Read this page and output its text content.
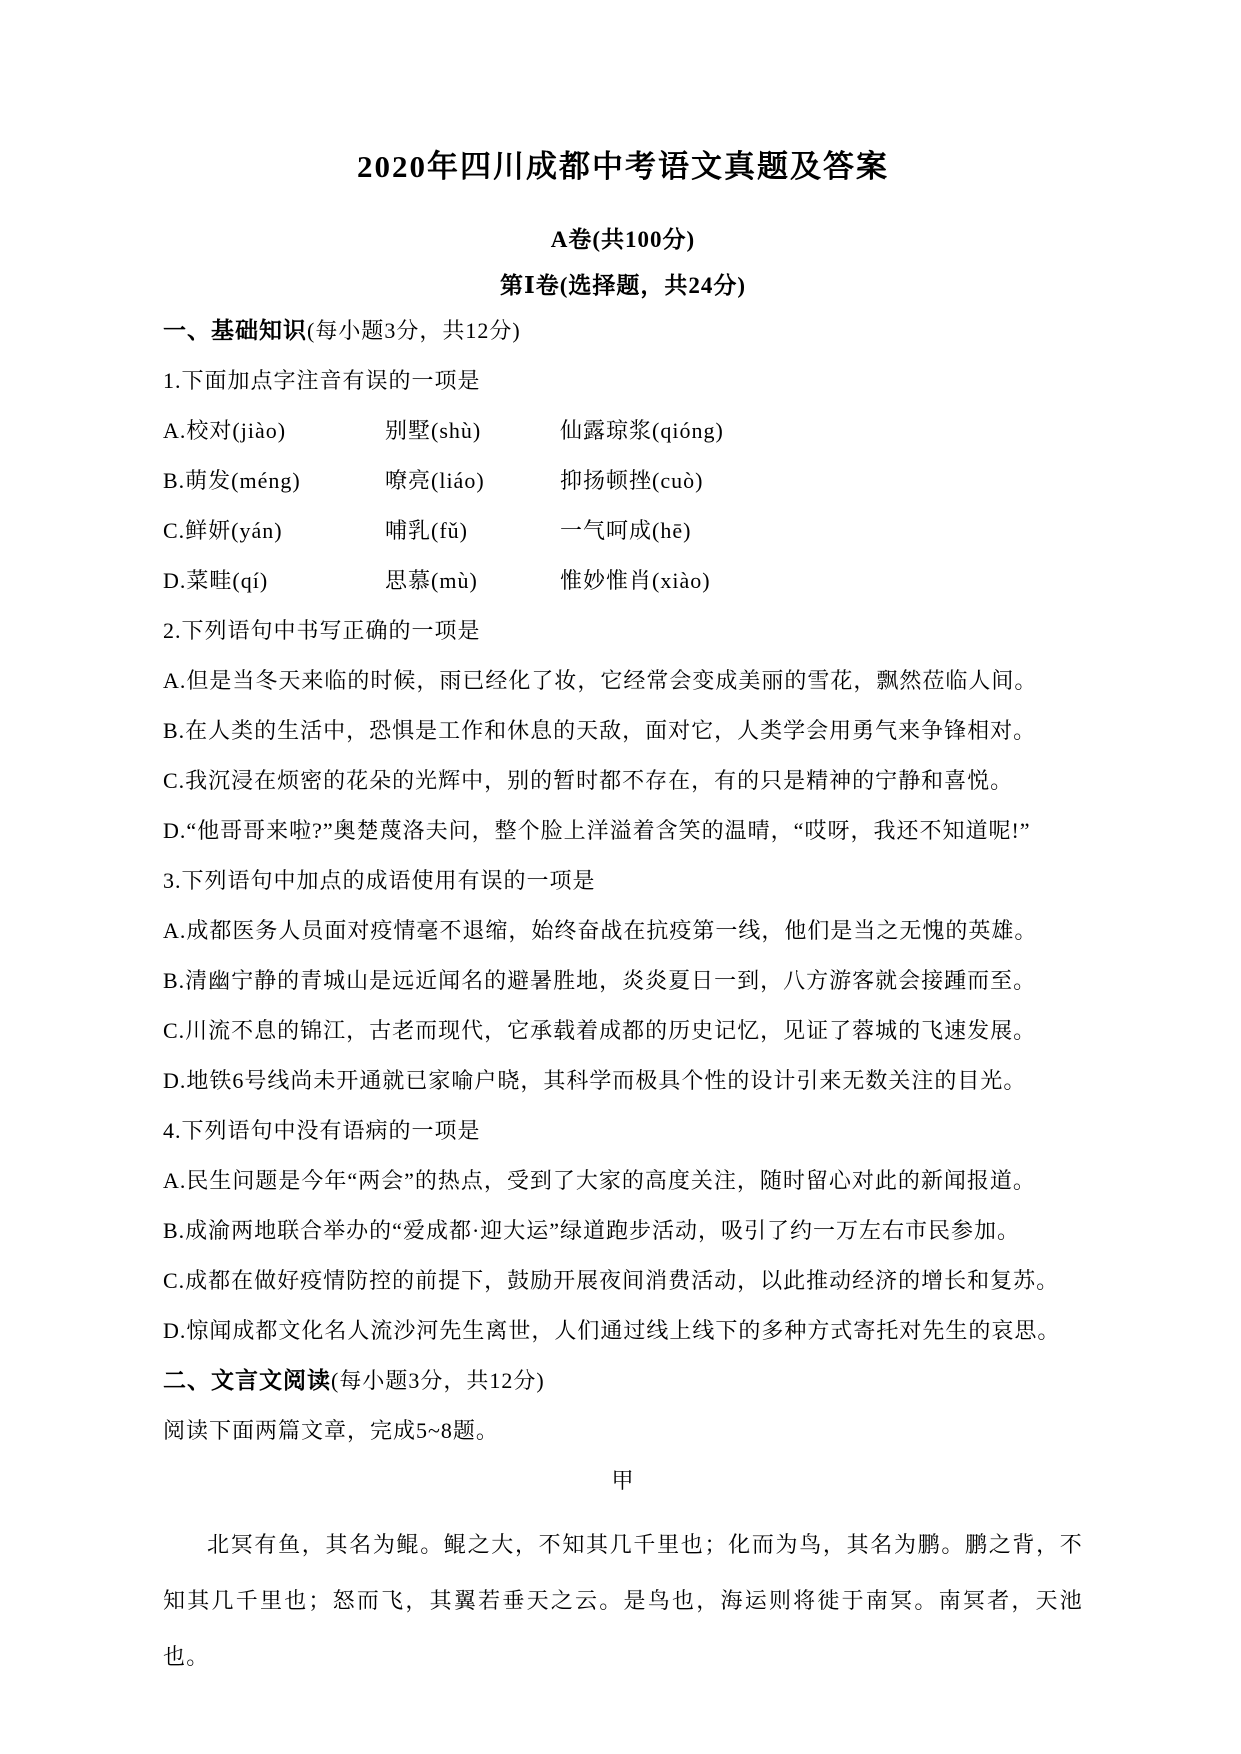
2020年四川成都中考语文真题及答案
A卷(共100分)
第Ⅰ卷(选择题，共24分)

一、基础知识(每小题3分，共12分)

1.下面加点字注音有误的一项是

A.校对(jiào)	别墅(shù)	仙露琼浆(qióng)
B.萌发(méng)	嘹亮(liáo)	抑扬顿挫(cuò)
C.鲜妍(yán)	哺乳(fǔ)	一气呵成(hē)
D.菜畦(qí)	思慕(mù)	惟妙惟肖(xiào)

2.下列语句中书写正确的一项是

A.但是当冬天来临的时候，雨已经化了妆，它经常会变成美丽的雪花，飘然莅临人间。

B.在人类的生活中，恐惧是工作和休息的天敌，面对它，人类学会用勇气来争锋相对。

C.我沉浸在烦密的花朵的光辉中，别的暂时都不存在，有的只是精神的宁静和喜悦。

D.“他哥哥来啦?”奥楚蔑洛夫问，整个脸上洋溢着含笑的温晴，“哎呀，我还不知道呢!”

3.下列语句中加点的成语使用有误的一项是

A.成都医务人员面对疫情毫不退缩，始终奋战在抗疫第一线，他们是当之无愧的英雄。

B.清幽宁静的青城山是远近闻名的避暑胜地，炎炎夏日一到，八方游客就会接踵而至。

C.川流不息的锦江，古老而现代，它承载着成都的历史记忆，见证了蓉城的飞速发展。

D.地铁6号线尚未开通就已家喻户晓，其科学而极具个性的设计引来无数关注的目光。

4.下列语句中没有语病的一项是

A.民生问题是今年“两会”的热点，受到了大家的高度关注，随时留心对此的新闻报道。

B.成渝两地联合举办的“爱成都·迎大运”绿道跑步活动，吸引了约一万左右市民参加。

C.成都在做好疫情防控的前提下，鼓励开展夜间消费活动，以此推动经济的增长和复苏。

D.惊闻成都文化名人流沙河先生离世，人们通过线上线下的多种方式寄托对先生的哀思。

二、文言文阅读(每小题3分，共12分)

阅读下面两篇文章，完成5~8题。

甲

北冥有鱼，其名为鲲。鲲之大，不知其几千里也；化而为鸟，其名为鹏。鹏之背，不知其几千里也；怒而飞，其翼若垂天之云。是鸟也，海运则将徙于南冥。南冥者，天池也。
